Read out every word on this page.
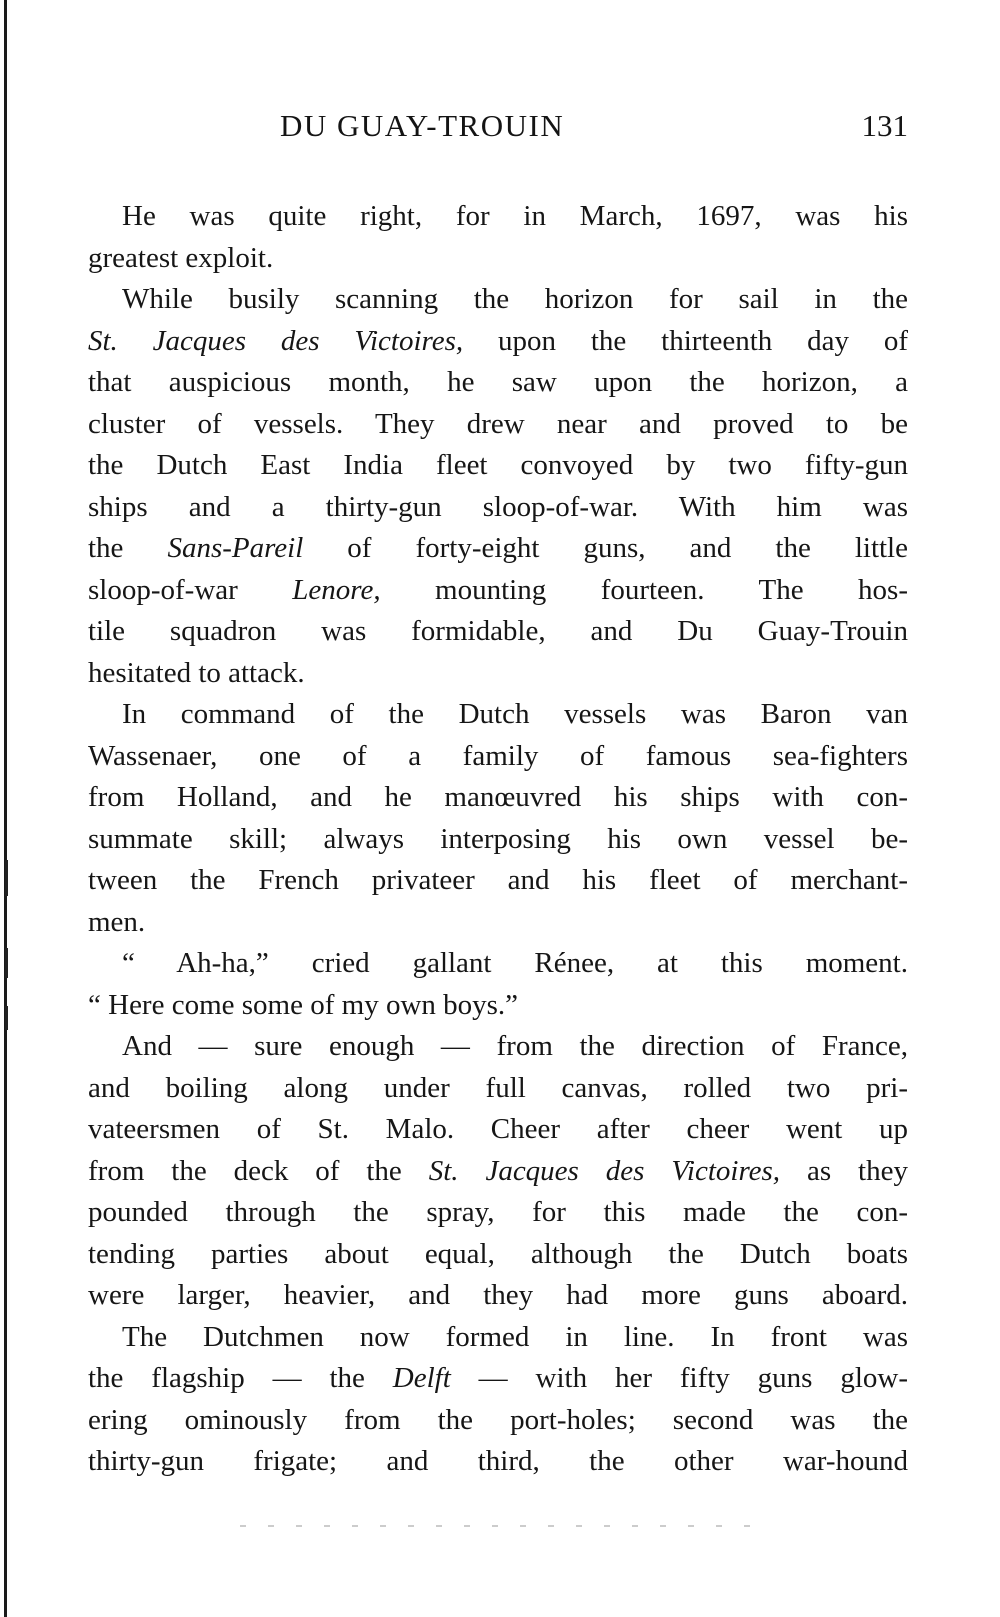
DU GUAY-TROUIN	131
He was quite right, for in March, 1697, was his
greatest exploit.
While busily scanning the horizon for sail in the
St. Jacques des Victoires, upon the thirteenth day of
that auspicious month, he saw upon the horizon, a
cluster of vessels. They drew near and proved to be
the Dutch East India fleet convoyed by two fifty-gun
ships and a thirty-gun sloop-of-war. With him was
the Sans-Pareil of forty-eight guns, and the little
sloop-of-war Lenore, mounting fourteen. The hos-
tile squadron was formidable, and Du Guay-Trouin
hesitated to attack.
In command of the Dutch vessels was Baron van
Wassenaer, one of a family of famous sea-fighters
from Holland, and he manœuvred his ships with con-
summate skill; always interposing his own vessel be-
tween the French privateer and his fleet of merchant-
men.
“ Ah-ha,” cried gallant Rénee, at this moment.
“ Here come some of my own boys.”
And — sure enough — from the direction of France,
and boiling along under full canvas, rolled two pri-
vateersmen of St. Malo. Cheer after cheer went up
from the deck of the St. Jacques des Victoires, as they
pounded through the spray, for this made the con-
tending parties about equal, although the Dutch boats
were larger, heavier, and they had more guns aboard.
The Dutchmen now formed in line. In front was
the flagship — the Delft — with her fifty guns glow-
ering ominously from the port-holes; second was the
thirty-gun frigate; and third, the other war-hound
